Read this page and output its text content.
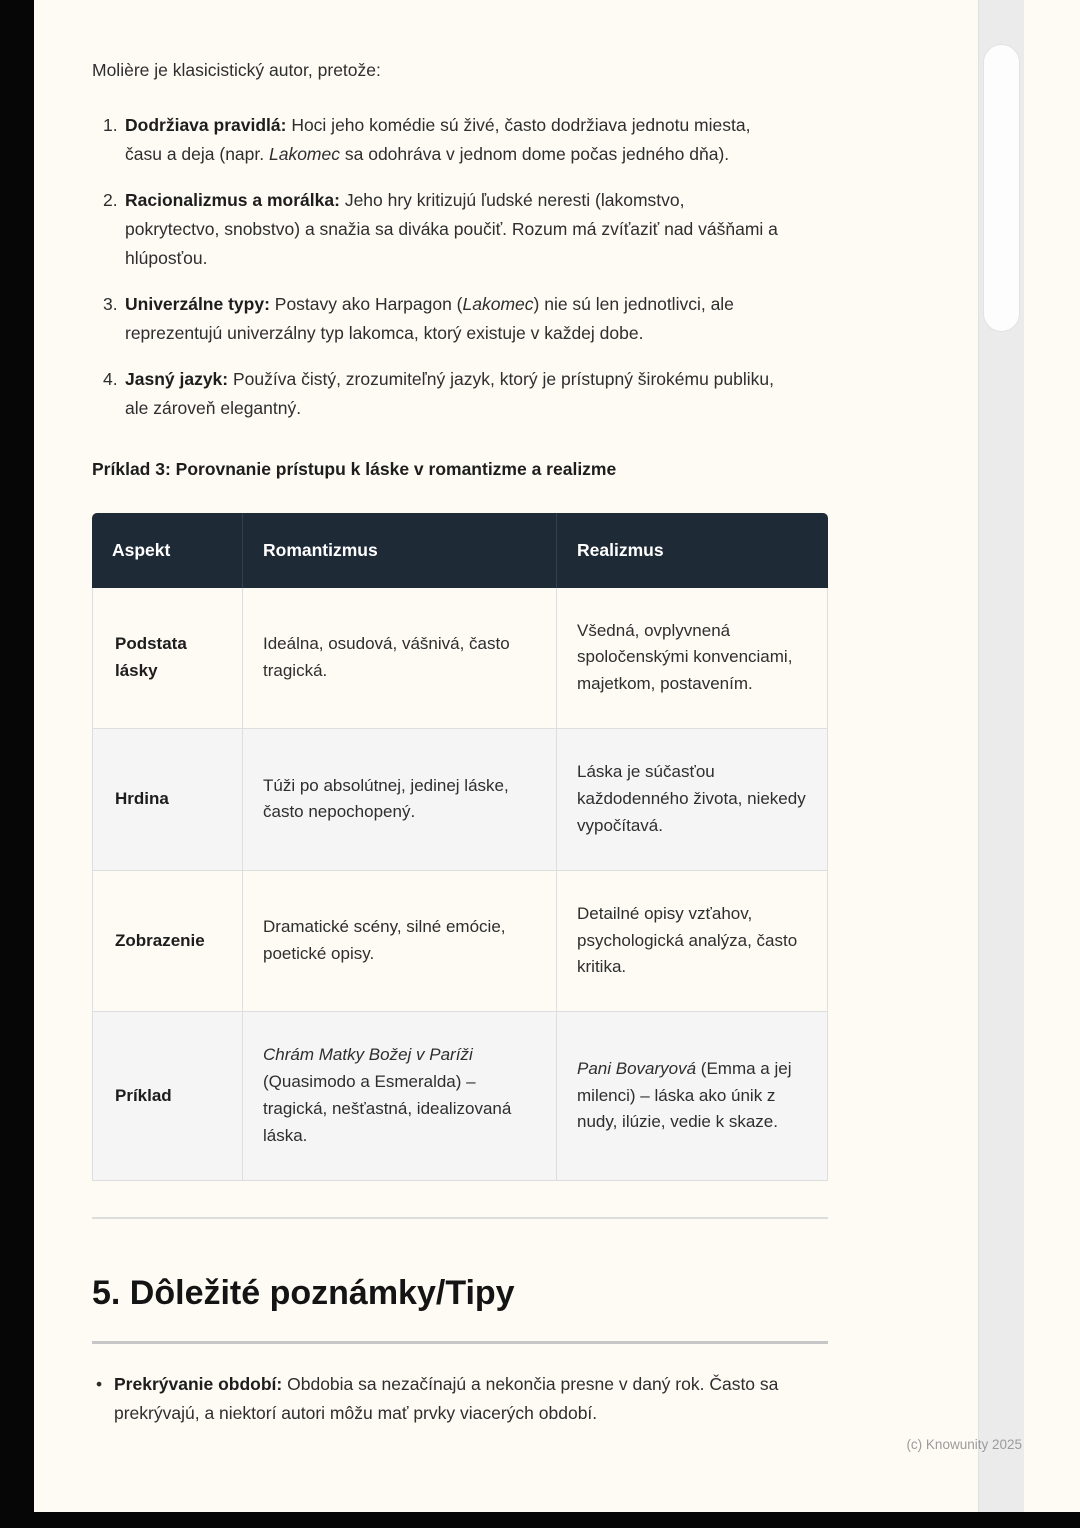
Molière je klasicistický autor, pretože:

1. Dodržiava pravidlá: Hoci jeho komédie sú živé, často dodržiava jednotu miesta, času a deja (napr. Lakomec sa odohráva v jednom dome počas jedného dňa).
2. Racionalizmus a morálka: Jeho hry kritizujú ľudské neresti (lakomstvo, pokrytectvo, snobstvo) a snažia sa diváka poučiť. Rozum má zvíťaziť nad vášňami a hlúposťou.
3. Univerzálne typy: Postavy ako Harpagon (Lakomec) nie sú len jednotlivci, ale reprezentujú univerzálny typ lakomca, ktorý existuje v každej dobe.
4. Jasný jazyk: Používa čistý, zrozumiteľný jazyk, ktorý je prístupný širokému publiku, ale zároveň elegantný.

Príklad 3: Porovnanie prístupu k láske v romantizme a realizme

Aspekt	Romantizmus	Realizmus
Podstata lásky	Ideálna, osudová, vášnivá, často tragická.	Všedná, ovplyvnená spoločenskými konvenciami, majetkom, postavením.
Hrdina	Túži po absolútnej, jedinej láske, často nepochopený.	Láska je súčasťou každodenného života, niekedy vypočítavá.
Zobrazenie	Dramatické scény, silné emócie, poetické opisy.	Detailné opisy vzťahov, psychologická analýza, často kritika.
Príklad	Chrám Matky Božej v Paríži (Quasimodo a Esmeralda) – tragická, nešťastná, idealizovaná láska.	Pani Bovaryová (Emma a jej milenci) – láska ako únik z nudy, ilúzie, vedie k skaze.
5. Dôležité poznámky/Tipy
• Prekrývanie období: Obdobia sa nezačínajú a nekončia presne v daný rok. Často sa prekrývajú, a niektorí autori môžu mať prvky viacerých období.
(c) Knowunity 2025
